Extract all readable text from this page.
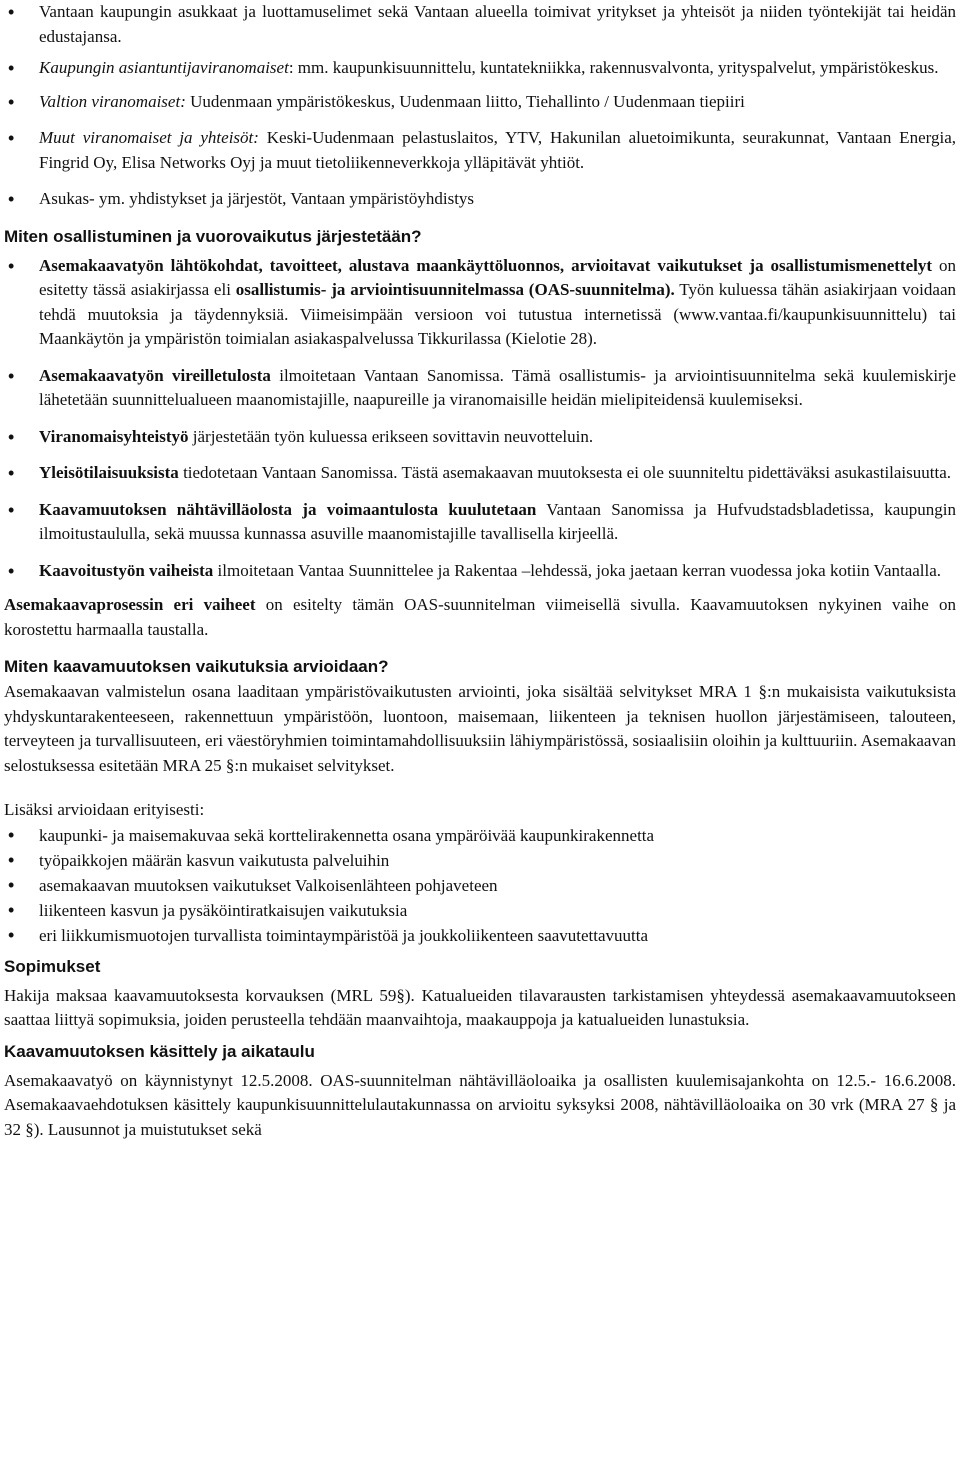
• Vantaan kaupungin asukkaat ja luottamuselimet sekä Vantaan alueella toimivat yritykset ja yhteisöt ja niiden työntekijät tai heidän edustajansa.
• Kaupungin asiantuntijaviranomaiset: mm. kaupunkisuunnittelu, kuntatekniikka, rakennusvalvonta, yrityspalvelut, ympäristökeskus.
• Valtion viranomaiset: Uudenmaan ympäristökeskus, Uudenmaan liitto, Tiehallinto / Uudenmaan tiepiiri
• Muut viranomaiset ja yhteisöt: Keski-Uudenmaan pelastuslaitos, YTV, Hakunilan aluetoimikunta, seurakunnat, Vantaan Energia, Fingrid Oy, Elisa Networks Oyj ja muut tietoliikenneverkkoja ylläpitävät yhtiöt.
• Asukas- ym. yhdistykset ja järjestöt, Vantaan ympäristöyhdistys
Miten osallistuminen ja vuorovaikutus järjestetään?
• Asemakaavatyön lähtökohdat, tavoitteet, alustava maankäyttöluonnos, arvioitavat vaikutukset ja osallistumismenettelyt on esitetty tässä asiakirjassa eli osallistumis- ja arviointisuunnitelmassa (OAS-suunnitelma). Työn kuluessa tähän asiakirjaan voidaan tehdä muutoksia ja täydennyksiä. Viimeisimpään versioon voi tutustua internetissä (www.vantaa.fi/kaupunkisuunnittelu) tai Maankäytön ja ympäristön toimialan asiakaspalvelussa Tikkurilassa (Kielotie 28).
• Asemakaavatyön vireilletulosta ilmoitetaan Vantaan Sanomissa. Tämä osallistumis- ja arviointisuunnitelma sekä kuulemiskirje lähetetään suunnittelualueen maanomistajille, naapureille ja viranomaisille heidän mielipiteidensä kuulemiseksi.
• Viranomaisyhteistyö järjestetään työn kuluessa erikseen sovittavin neuvotteluin.
• Yleisötilaisuuksista tiedotetaan Vantaan Sanomissa. Tästä asemakaavan muutoksesta ei ole suunniteltu pidettäväksi asukastilaisuutta.
• Kaavamuutoksen nähtävilläolosta ja voimaantulosta kuulutetaan Vantaan Sanomissa ja Hufvudstadsbladetissa, kaupungin ilmoitustaululla, sekä muussa kunnassa asuville maanomistajille tavallisella kirjeellä.
• Kaavoitustyön vaiheista ilmoitetaan Vantaa Suunnittelee ja Rakentaa –lehdessä, joka jaetaan kerran vuodessa joka kotiin Vantaalla.

Asemakaavaprosessin eri vaiheet on esitelty tämän OAS-suunnitelman viimeisellä sivulla. Kaavamuutoksen nykyinen vaihe on korostettu harmaalla taustalla.

Miten kaavamuutoksen vaikutuksia arvioidaan?

Asemakaavan valmistelun osana laaditaan ympäristövaikutusten arviointi, joka sisältää selvitykset MRA 1 §:n mukaisista vaikutuksista yhdyskuntarakenteeseen, rakennettuun ympäristöön, luontoon, maisemaan, liikenteen ja teknisen huollon järjestämiseen, talouteen, terveyteen ja turvallisuuteen, eri väestöryhmien toimintamahdollisuuksiin lähiympäristössä, sosiaalisiin oloihin ja kulttuuriin. Asemakaavan selostuksessa esitetään MRA 25 §:n mukaiset selvitykset.

Lisäksi arvioidaan erityisesti:

• kaupunki- ja maisemakuvaa sekä korttelirakennetta osana ympäröivää kaupunkirakennetta
• työpaikkojen määrän kasvun vaikutusta palveluihin
• asemakaavan muutoksen vaikutukset Valkoisenlähteen pohjaveteen
• liikenteen kasvun ja pysäköintiratkaisujen vaikutuksia
• eri liikkumismuotojen turvallista toimintaympäristöä ja joukkoliikenteen saavutettavuutta
Sopimukset

Hakija maksaa kaavamuutoksesta korvauksen (MRL 59§). Katualueiden tilavarausten tarkistamisen yhteydessä asemakaavamuutokseen saattaa liittyä sopimuksia, joiden perusteella tehdään maanvaihtoja, maakauppoja ja katualueiden lunastuksia.

Kaavamuutoksen käsittely ja aikataulu

Asemakaavatyö on käynnistynyt 12.5.2008. OAS-suunnitelman nähtävilläoloaika ja osallisten kuulemisajankohta on 12.5.- 16.6.2008. Asemakaavaehdotuksen käsittely kaupunkisuunnittelulautakunnassa on arvioitu syksyksi 2008, nähtävilläoloaika on 30 vrk (MRA 27 § ja 32 §). Lausunnot ja muistutukset sekä
